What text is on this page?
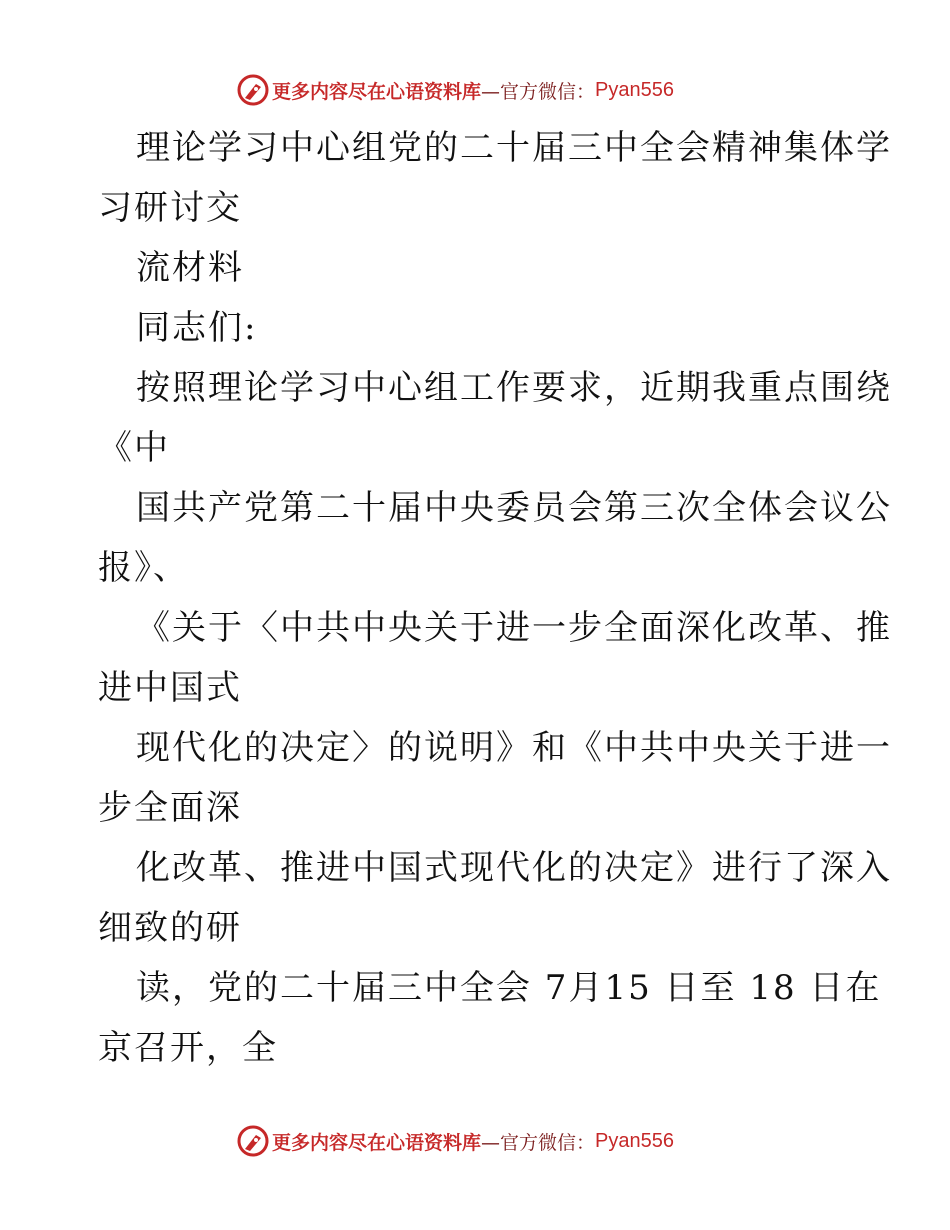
更多内容尽在心语资料库 —官方微信： Pyan556
理论学习中心组党的二十届三中全会精神集体学
习研讨交
流材料
同志们:
按照理论学习中心组工作要求，近期我重点围绕
《中
国共产党第二十届中央委员会第三次全体会议公
报》、
《关于〈中共中央关于进一步全面深化改革、推
进中国式
现代化的决定〉的说明》和《中共中央关于进一
步全面深
化改革、推进中国式现代化的决定》进行了深入
细致的研
读，党的二十届三中全会 7月15 日至 18 日在
京召开，全
更多内容尽在心语资料库 —官方微信： Pyan556
